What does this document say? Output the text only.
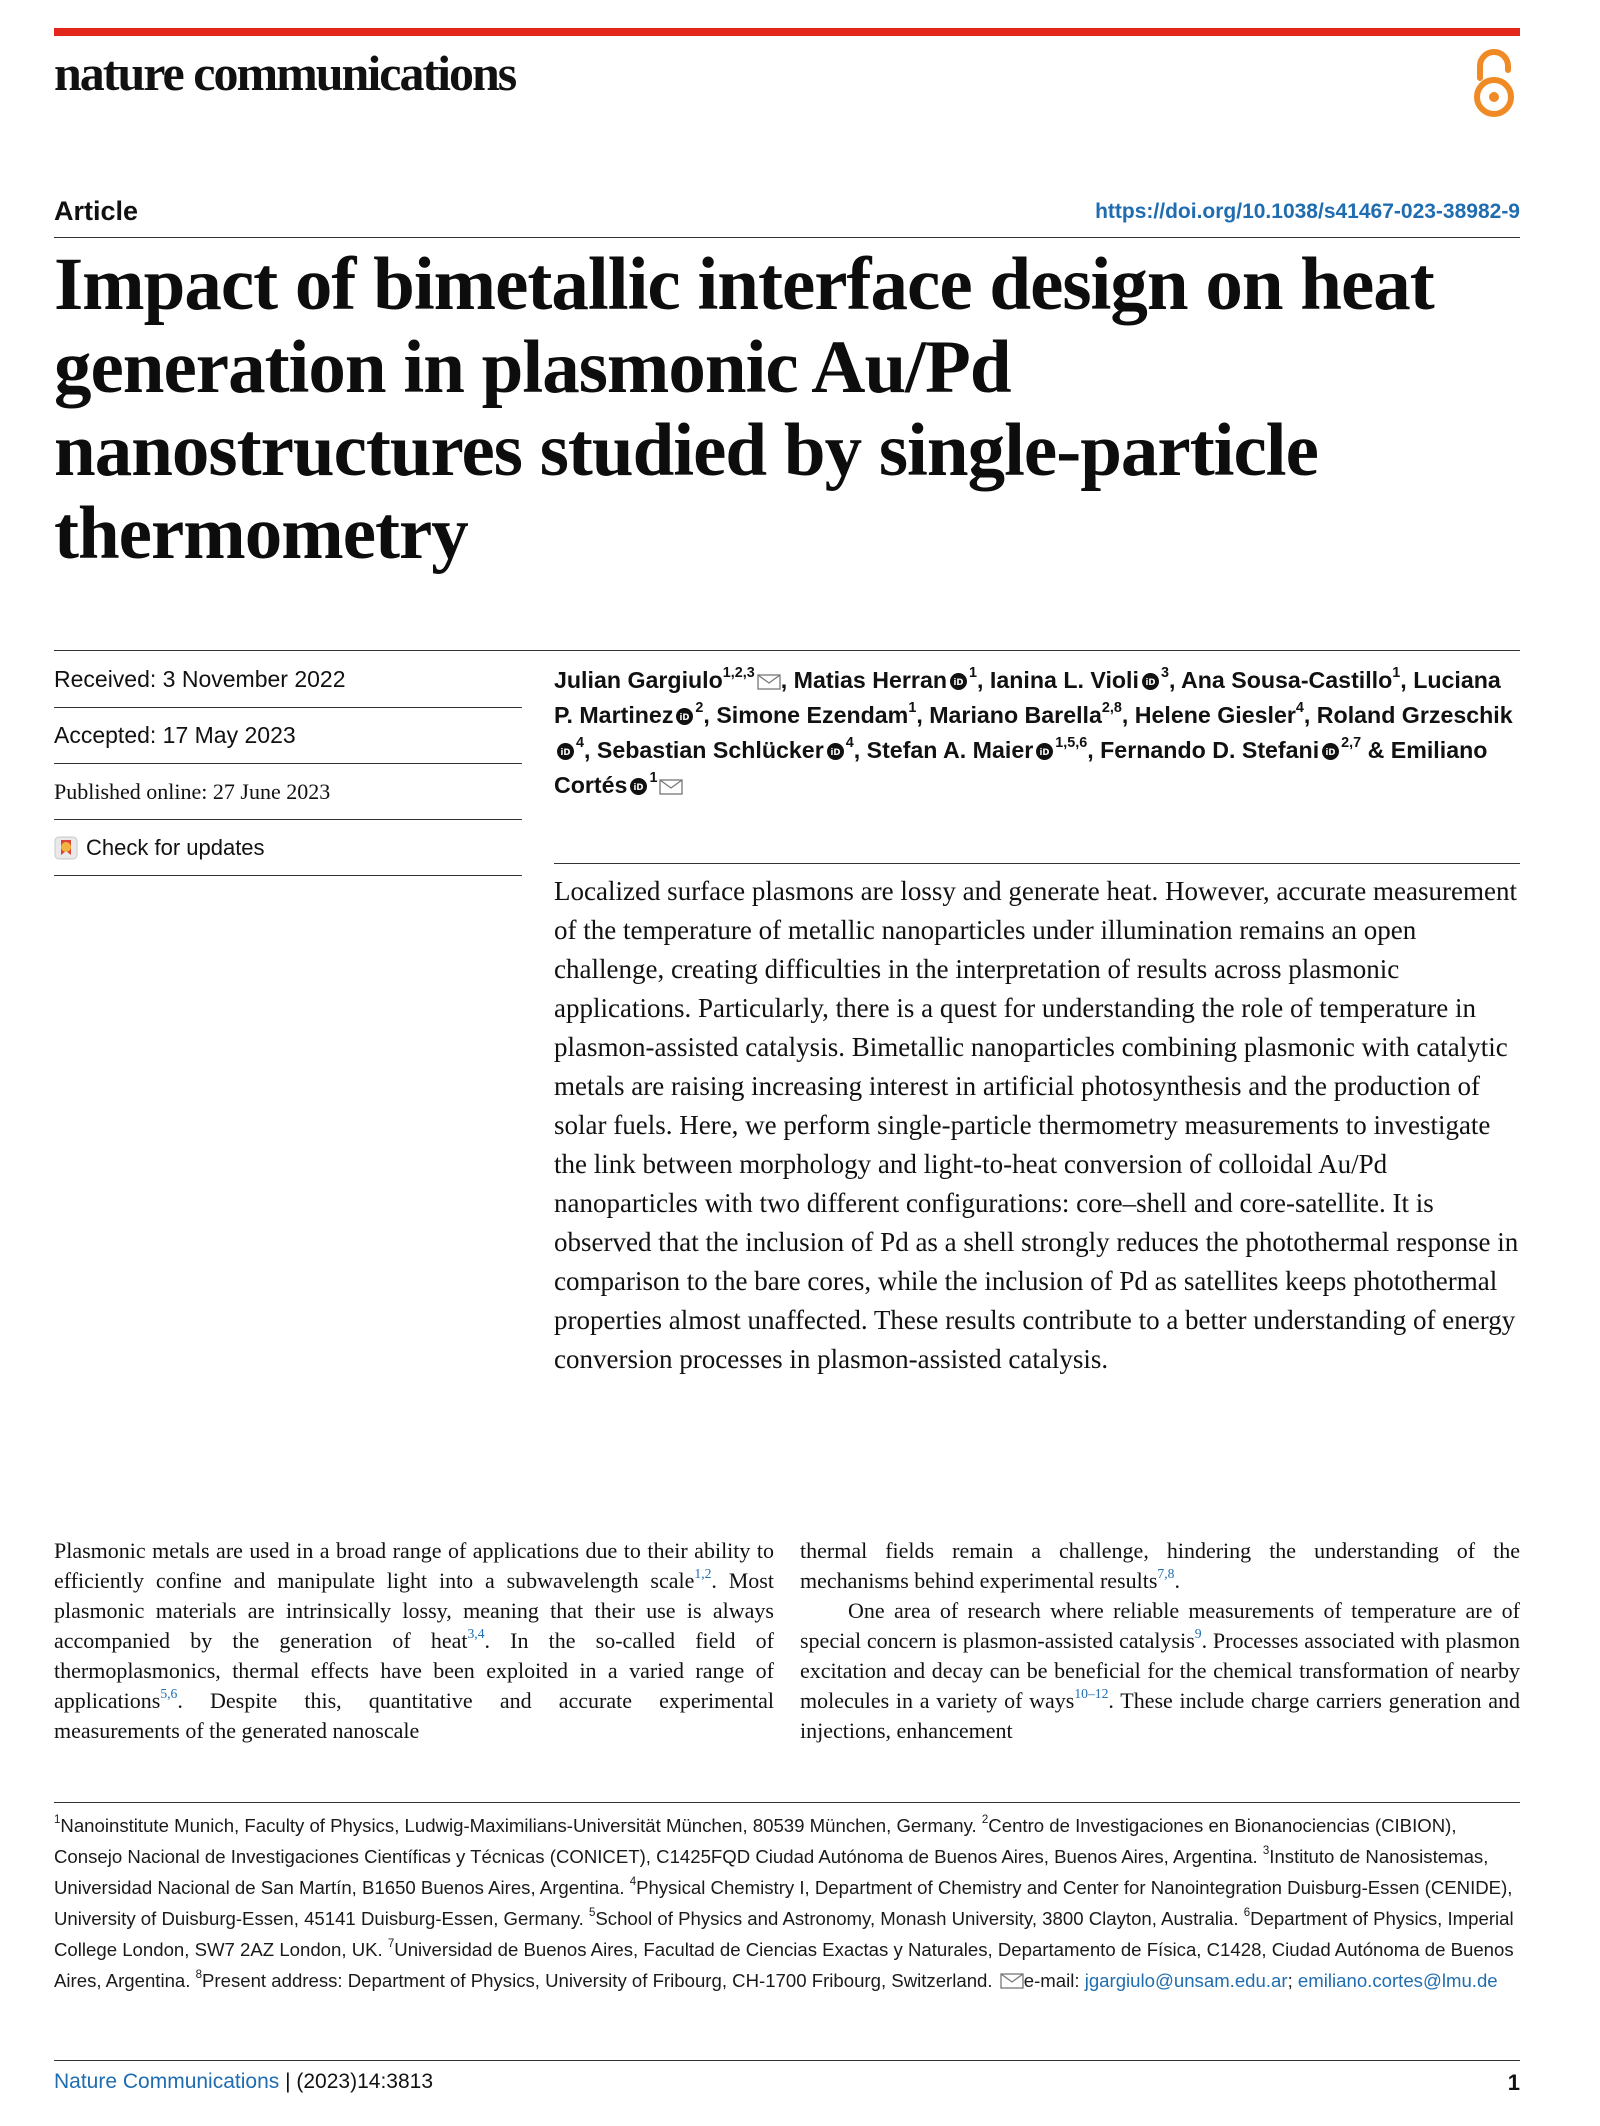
nature communications
Article	https://doi.org/10.1038/s41467-023-38982-9
Impact of bimetallic interface design on heat generation in plasmonic Au/Pd nanostructures studied by single-particle thermometry
Received: 3 November 2022
Accepted: 17 May 2023
Published online: 27 June 2023
Check for updates

Julian Gargiulo$^{1,2,3}$ , Matias Herran iD
$^1$, Ianina L. Violi iD
$^3$, Ana Sousa-Castillo$^1$, Luciana P. Martinez iD
$^2$, Simone Ezendam$^1$, Mariano Barella$^{2,8}$, Helene Giesler$^4$, Roland Grzeschik
iD
$^4$, Sebastian Schlücker iD
$^4$, Stefan A. Maier iD
$^{1,5,6}$, Fernando D. Stefani iD
$^{2,7}$ & Emiliano Cortés iD
$^1$

Localized surface plasmons are lossy and generate heat. However, accurate measurement of the temperature of metallic nanoparticles under illumination remains an open challenge, creating difficulties in the interpretation of results across plasmonic applications. Particularly, there is a quest for understanding the role of temperature in plasmon-assisted catalysis. Bimetallic nanoparticles combining plasmonic with catalytic metals are raising increasing interest in artificial photosynthesis and the production of solar fuels. Here, we perform single-particle thermometry measurements to investigate the link between morphology and light-to-heat conversion of colloidal Au/Pd nanoparticles with two different configurations: core–shell and core-satellite. It is observed that the inclusion of Pd as a shell strongly reduces the photothermal response in comparison to the bare cores, while the inclusion of Pd as satellites keeps photothermal properties almost unaffected. These results contribute to a better understanding of energy conversion processes in plasmon-assisted catalysis.

Plasmonic metals are used in a broad range of applications due to their ability to efficiently confine and manipulate light into a subwavelength scale$^{1,2}$. Most plasmonic materials are intrinsically lossy, meaning that their use is always accompanied by the generation of heat$^{3,4}$. In the so-called field of thermoplasmonics, thermal effects have been exploited in a varied range of applications$^{5,6}$. Despite this, quantitative and accurate experimental measurements of the generated nanoscale

thermal fields remain a challenge, hindering the understanding of the mechanisms behind experimental results$^{7,8}$.
One area of research where reliable measurements of temperature are of special concern is plasmon-assisted catalysis$^9$. Processes associated with plasmon excitation and decay can be beneficial for the chemical transformation of nearby molecules in a variety of ways$^{10-12}$. These include charge carriers generation and injections, enhancement

$^1$Nanoinstitute Munich, Faculty of Physics, Ludwig-Maximilians-Universität München, 80539 München, Germany. $^2$Centro de Investigaciones en Bionanociencias (CIBION), Consejo Nacional de Investigaciones Científicas y Técnicas (CONICET), C1425FQD Ciudad Autónoma de Buenos Aires, Buenos Aires, Argentina. $^3$Instituto de Nanosistemas, Universidad Nacional de San Martín, B1650 Buenos Aires, Argentina. $^4$Physical Chemistry I, Department of Chemistry and Center for Nanointegration Duisburg-Essen (CENIDE), University of Duisburg-Essen, 45141 Duisburg-Essen, Germany. $^5$School of Physics and Astronomy, Monash University, 3800 Clayton, Australia. $^6$Department of Physics, Imperial College London, SW7 2AZ London, UK. $^7$Universidad de Buenos Aires, Facultad de Ciencias Exactas y Naturales, Departamento de Física, C1428, Ciudad Autónoma de Buenos Aires, Argentina. $^8$Present address: Department of Physics, University of Fribourg, CH-1700 Fribourg, Switzerland. e-mail: jgargiulo@unsam.edu.ar; emiliano.cortes@lmu.de

Nature Communications | (2023)14:3813	1
